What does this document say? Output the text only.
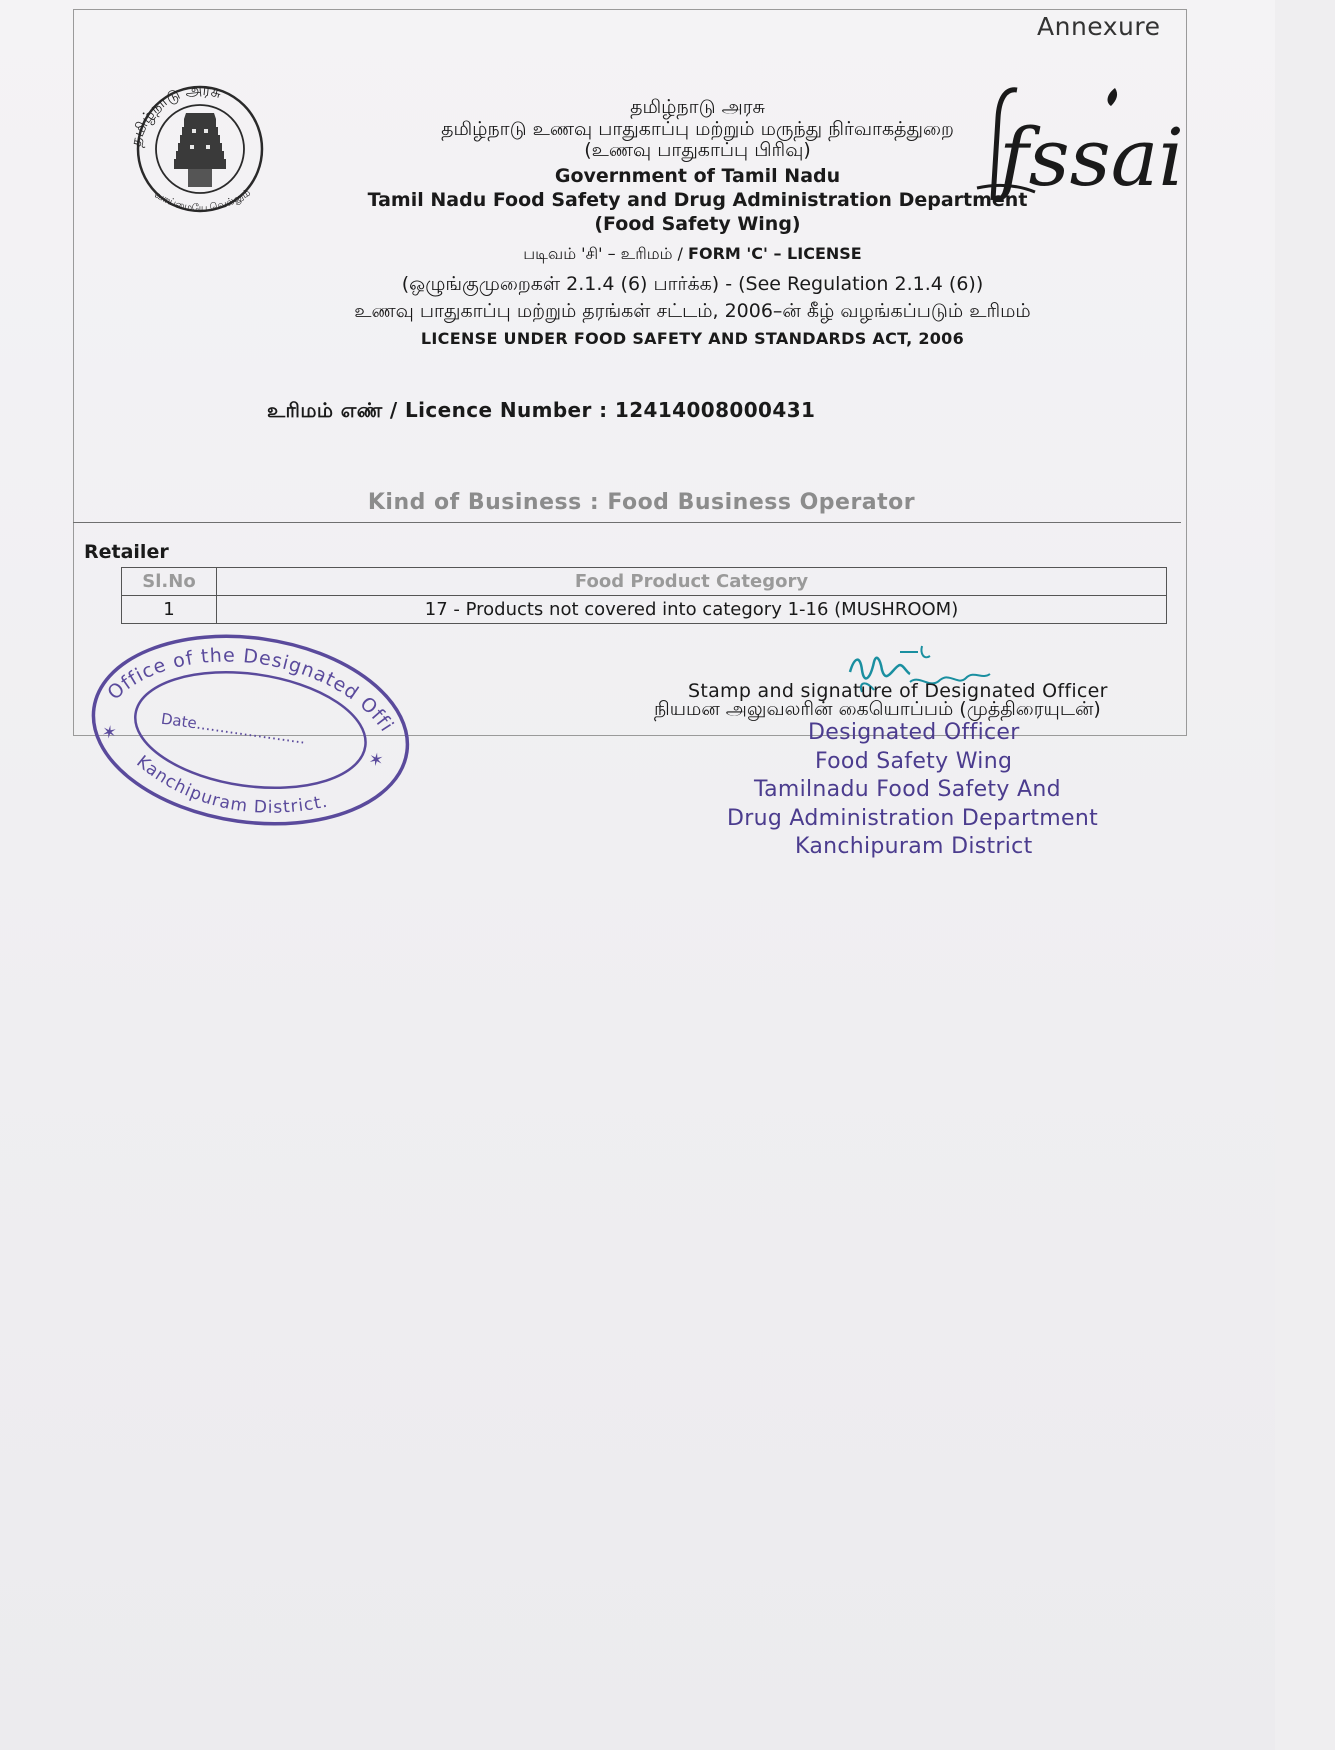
Annexure
தமிழ்நாடு அரசு
வாய்மையே வெல்லும்	fssai
தமிழ்நாடு அரசு
தமிழ்நாடு உணவு பாதுகாப்பு மற்றும் மருந்து நிர்வாகத்துறை
(உணவு பாதுகாப்பு பிரிவு)
Government of Tamil Nadu
Tamil Nadu Food Safety and Drug Administration Department
(Food Safety Wing)
படிவம் 'சி' – உரிமம் / FORM 'C' – LICENSE
(ஒழுங்குமுறைகள் 2.1.4 (6) பார்க்க) - (See Regulation 2.1.4 (6))
உணவு பாதுகாப்பு மற்றும் தரங்கள் சட்டம், 2006–ன் கீழ் வழங்கப்படும் உரிமம்
LICENSE UNDER FOOD SAFETY AND STANDARDS ACT, 2006
உரிமம் எண் / Licence Number : 12414008000431
Kind of Business : Food Business Operator
Retailer
Sl.No	Food Product Category
1	17 - Products not covered into category 1-16 (MUSHROOM)
Office of the Designated Officer
Kanchipuram District.
Date.......................
✶
✶
Stamp and signature of Designated Officer
நியமன அலுவலரின் கையொப்பம் (முத்திரையுடன்)
Designated Officer
Food Safety Wing
Tamilnadu Food Safety And
Drug Administration Department
Kanchipuram District
